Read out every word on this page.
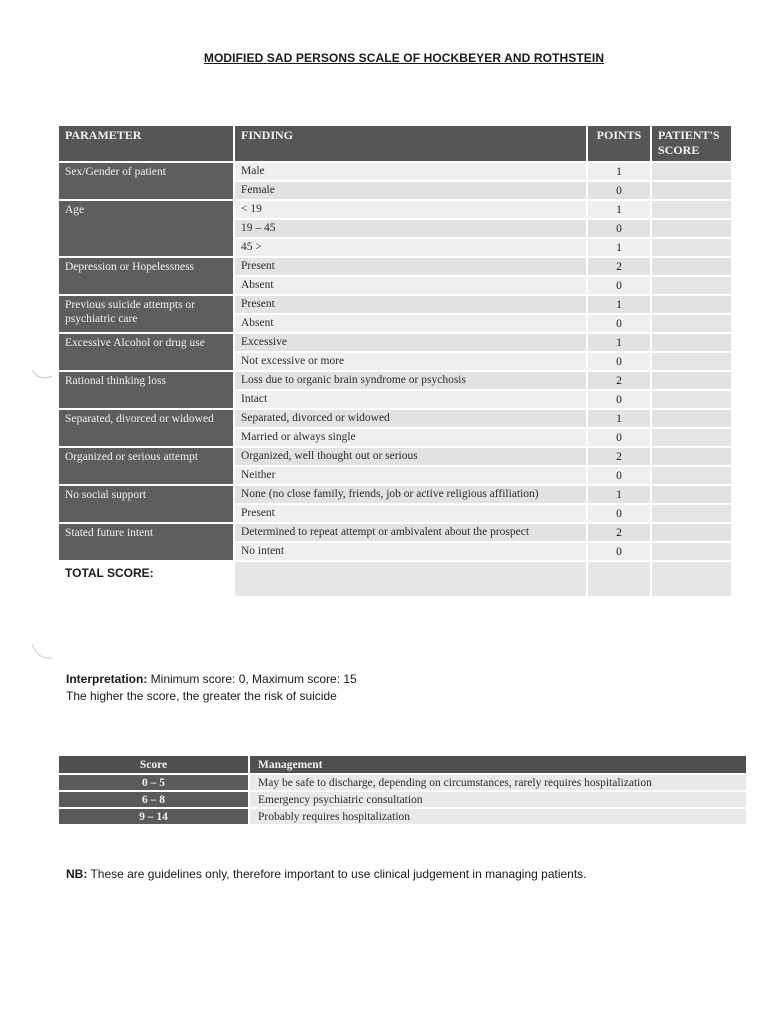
MODIFIED SAD PERSONS SCALE OF HOCKBEYER AND ROTHSTEIN
PARAMETER	FINDING	POINTS	PATIENT'S SCORE
Sex/Gender of patient	Male	1	
	Female	0	
Age	< 19	1	
	19 – 45	0	
	45 >	1	
Depression or Hopelessness	Present	2	
	Absent	0	
Previous suicide attempts or psychiatric care	Present	1	
	Absent	0	
Excessive Alcohol or drug use	Excessive	1	
	Not excessive or more	0	
Rational thinking loss	Loss due to organic brain syndrome or psychosis	2	
	Intact	0	
Separated, divorced or widowed	Separated, divorced or widowed	1	
	Married or always single	0	
Organized or serious attempt	Organized, well thought out or serious	2	
	Neither	0	
No social support	None (no close family, friends, job or active religious affiliation)	1	
	Present	0	
Stated future intent	Determined to repeat attempt or ambivalent about the prospect	2	
	No intent	0	
TOTAL SCORE:			
Interpretation: Minimum score: 0, Maximum score: 15
The higher the score, the greater the risk of suicide
Score	Management
0 – 5	May be safe to discharge, depending on circumstances, rarely requires hospitalization
6 – 8	Emergency psychiatric consultation
9 – 14	Probably requires hospitalization
NB: These are guidelines only, therefore important to use clinical judgement in managing patients.
